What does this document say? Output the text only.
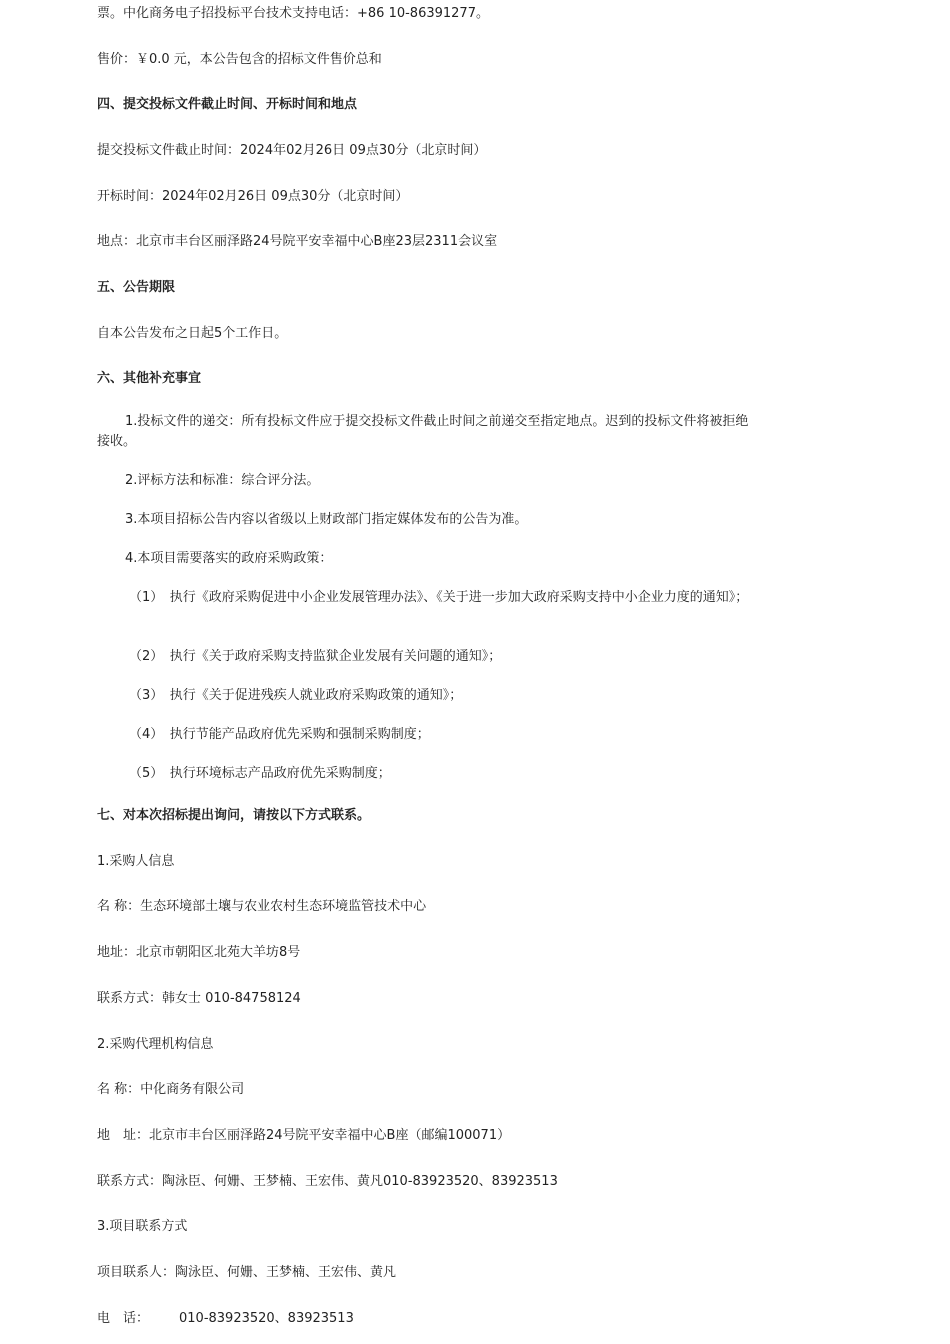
票。中化商务电子招投标平台技术支持电话：+86 10-86391277。
售价：￥0.0 元，本公告包含的招标文件售价总和
四、提交投标文件截止时间、开标时间和地点
提交投标文件截止时间：2024年02月26日 09点30分（北京时间）
开标时间：2024年02月26日 09点30分（北京时间）
地点：北京市丰台区丽泽路24号院平安幸福中心B座23层2311会议室
五、公告期限
自本公告发布之日起5个工作日。
六、其他补充事宜
1.投标文件的递交：所有投标文件应于提交投标文件截止时间之前递交至指定地点。迟到的投标文件将被拒绝接收。
2.评标方法和标准：综合评分法。
3.本项目招标公告内容以省级以上财政部门指定媒体发布的公告为准。
4.本项目需要落实的政府采购政策：
（1）　执行《政府采购促进中小企业发展管理办法》、《关于进一步加大政府采购支持中小企业力度的通知》；
（2）　执行《关于政府采购支持监狱企业发展有关问题的通知》；
（3）　执行《关于促进残疾人就业政府采购政策的通知》；
（4）　执行节能产品政府优先采购和强制采购制度；
（5）　执行环境标志产品政府优先采购制度；
七、对本次招标提出询问，请按以下方式联系。
1.采购人信息
名 称：生态环境部土壤与农业农村生态环境监管技术中心
地址：北京市朝阳区北苑大羊坊8号
联系方式：韩女士 010-84758124
2.采购代理机构信息
名 称：中化商务有限公司
地　址：北京市丰台区丽泽路24号院平安幸福中心B座（邮编100071）
联系方式：陶泳臣、何姗、王梦楠、王宏伟、黄凡010-83923520、83923513
3.项目联系方式
项目联系人：陶泳臣、何姗、王梦楠、王宏伟、黄凡
电　话： 010-83923520、83923513
